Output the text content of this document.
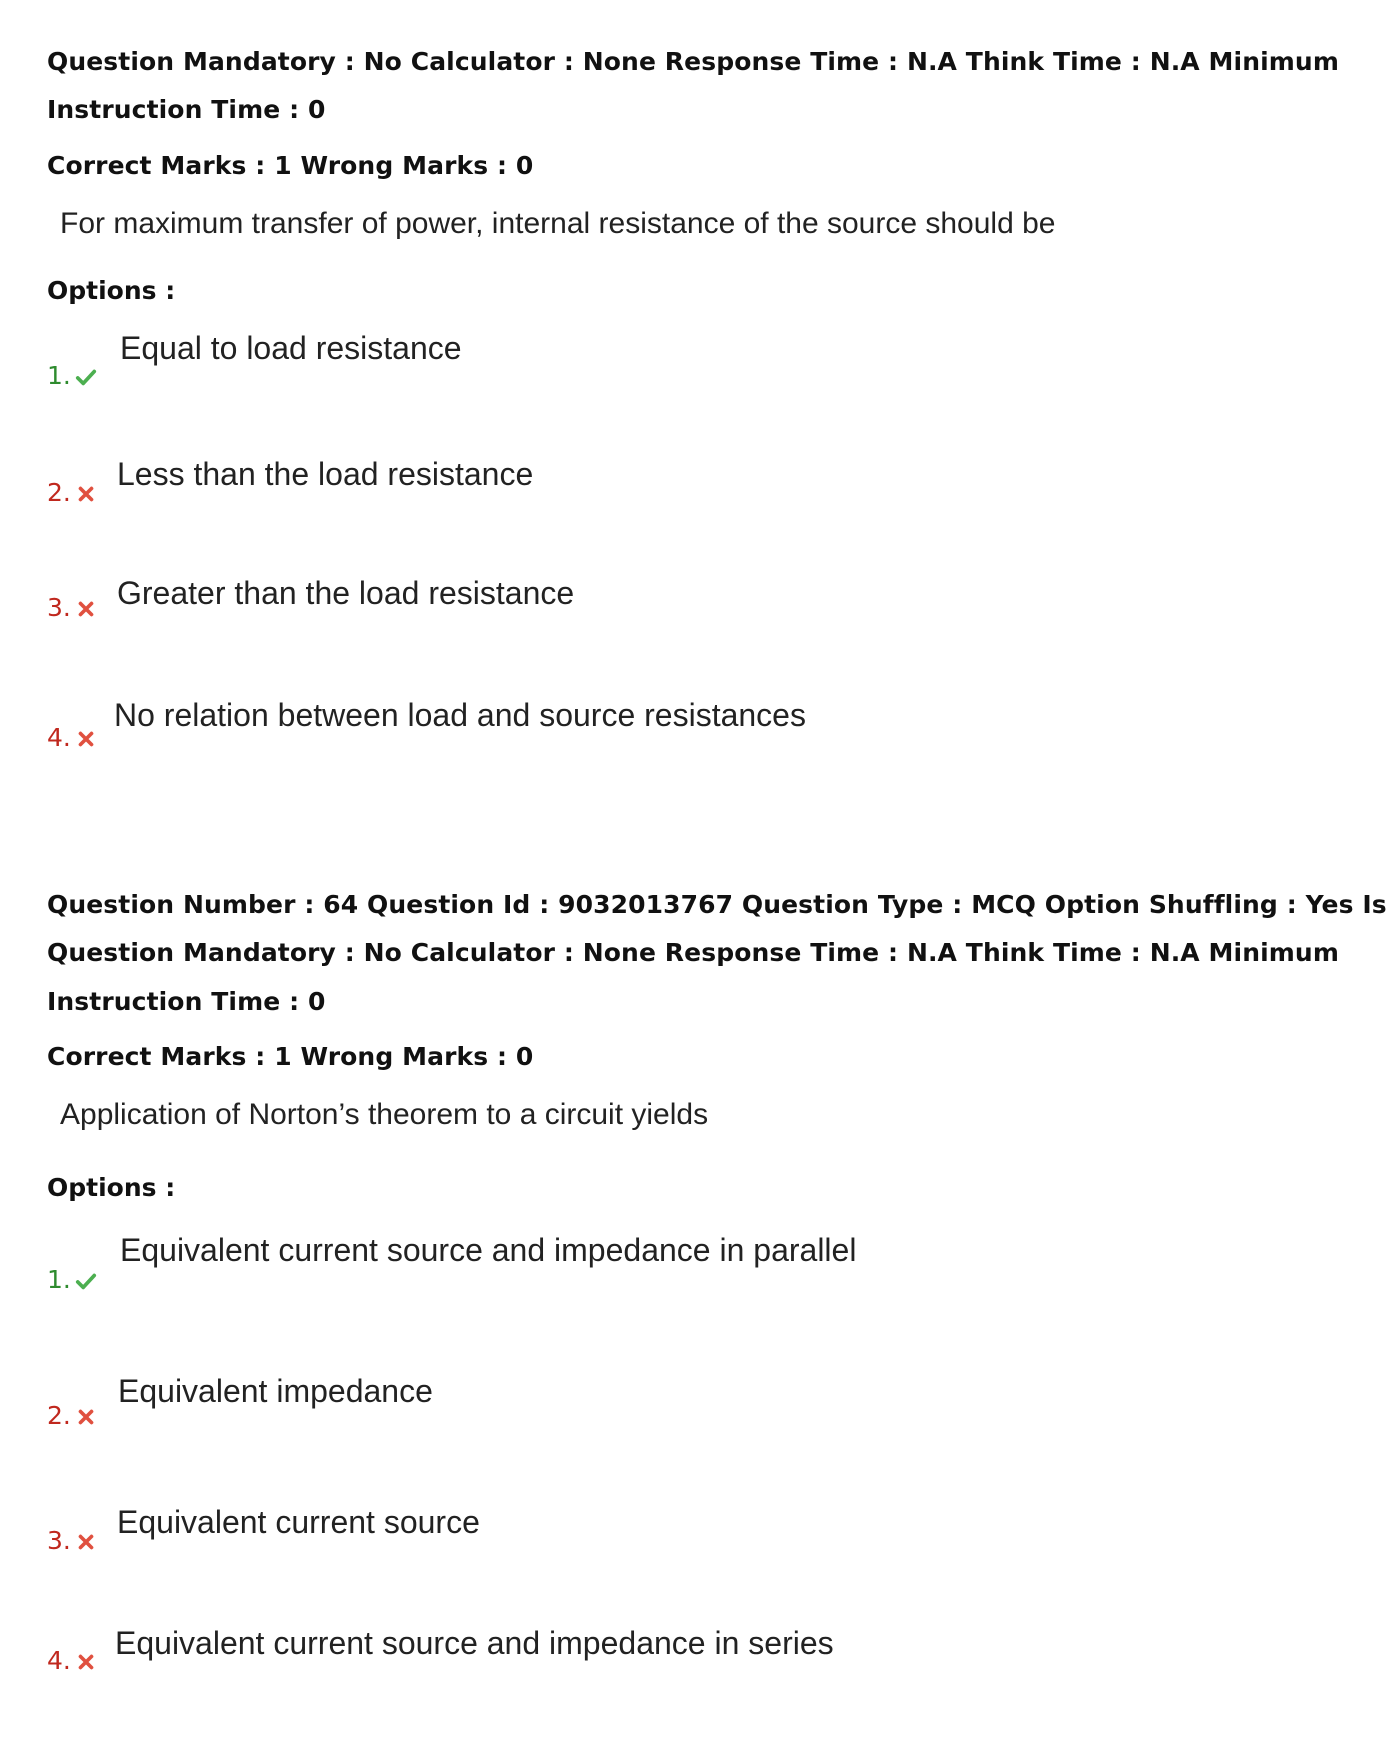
Question Mandatory : No Calculator : None Response Time : N.A Think Time : N.A Minimum
Instruction Time : 0
Correct Marks : 1 Wrong Marks : 0
For maximum transfer of power, internal resistance of the source should be
Options :
1.
Equal to load resistance
2.
Less than the load resistance
3.	Greater than the load resistance
4.
No relation between load and source resistances
Question Number : 64 Question Id : 9032013767 Question Type : MCQ Option Shuffling : Yes Is
Question Mandatory : No Calculator : None Response Time : N.A Think Time : N.A Minimum
Instruction Time : 0
Correct Marks : 1 Wrong Marks : 0
Application of Norton’s theorem to a circuit yields
Options :
1.
Equivalent current source and impedance in parallel
2.
Equivalent impedance
3.
Equivalent current source
4.	Equivalent current source and impedance in series
